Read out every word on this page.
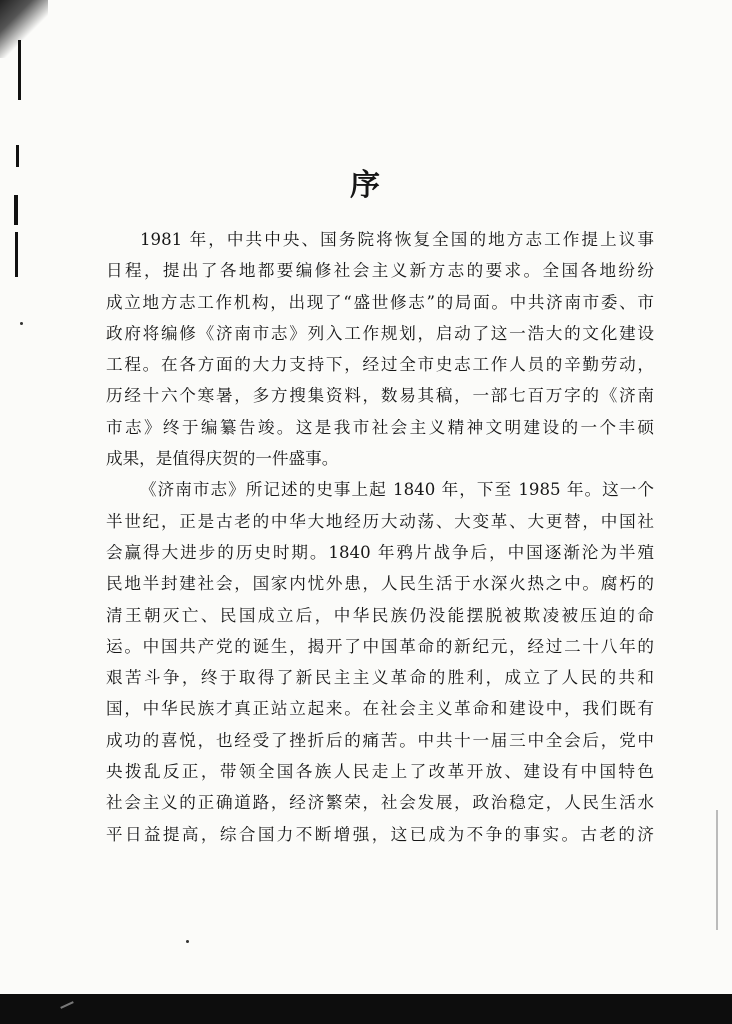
序
1981 年，中共中央、国务院将恢复全国的地方志工作提上议事
日程，提出了各地都要编修社会主义新方志的要求。全国各地纷纷
成立地方志工作机构，出现了“盛世修志”的局面。中共济南市委、市
政府将编修《济南市志》列入工作规划，启动了这一浩大的文化建设
工程。在各方面的大力支持下，经过全市史志工作人员的辛勤劳动，
历经十六个寒暑，多方搜集资料，数易其稿，一部七百万字的《济南
市志》终于编纂告竣。这是我市社会主义精神文明建设的一个丰硕
成果，是值得庆贺的一件盛事。
《济南市志》所记述的史事上起 1840 年，下至 1985 年。这一个
半世纪，正是古老的中华大地经历大动荡、大变革、大更替，中国社
会赢得大进步的历史时期。1840 年鸦片战争后，中国逐渐沦为半殖
民地半封建社会，国家内忧外患，人民生活于水深火热之中。腐朽的
清王朝灭亡、民国成立后，中华民族仍没能摆脱被欺凌被压迫的命
运。中国共产党的诞生，揭开了中国革命的新纪元，经过二十八年的
艰苦斗争，终于取得了新民主主义革命的胜利，成立了人民的共和
国，中华民族才真正站立起来。在社会主义革命和建设中，我们既有
成功的喜悦，也经受了挫折后的痛苦。中共十一届三中全会后，党中
央拨乱反正，带领全国各族人民走上了改革开放、建设有中国特色
社会主义的正确道路，经济繁荣，社会发展，政治稳定，人民生活水
平日益提高，综合国力不断增强，这已成为不争的事实。古老的济
